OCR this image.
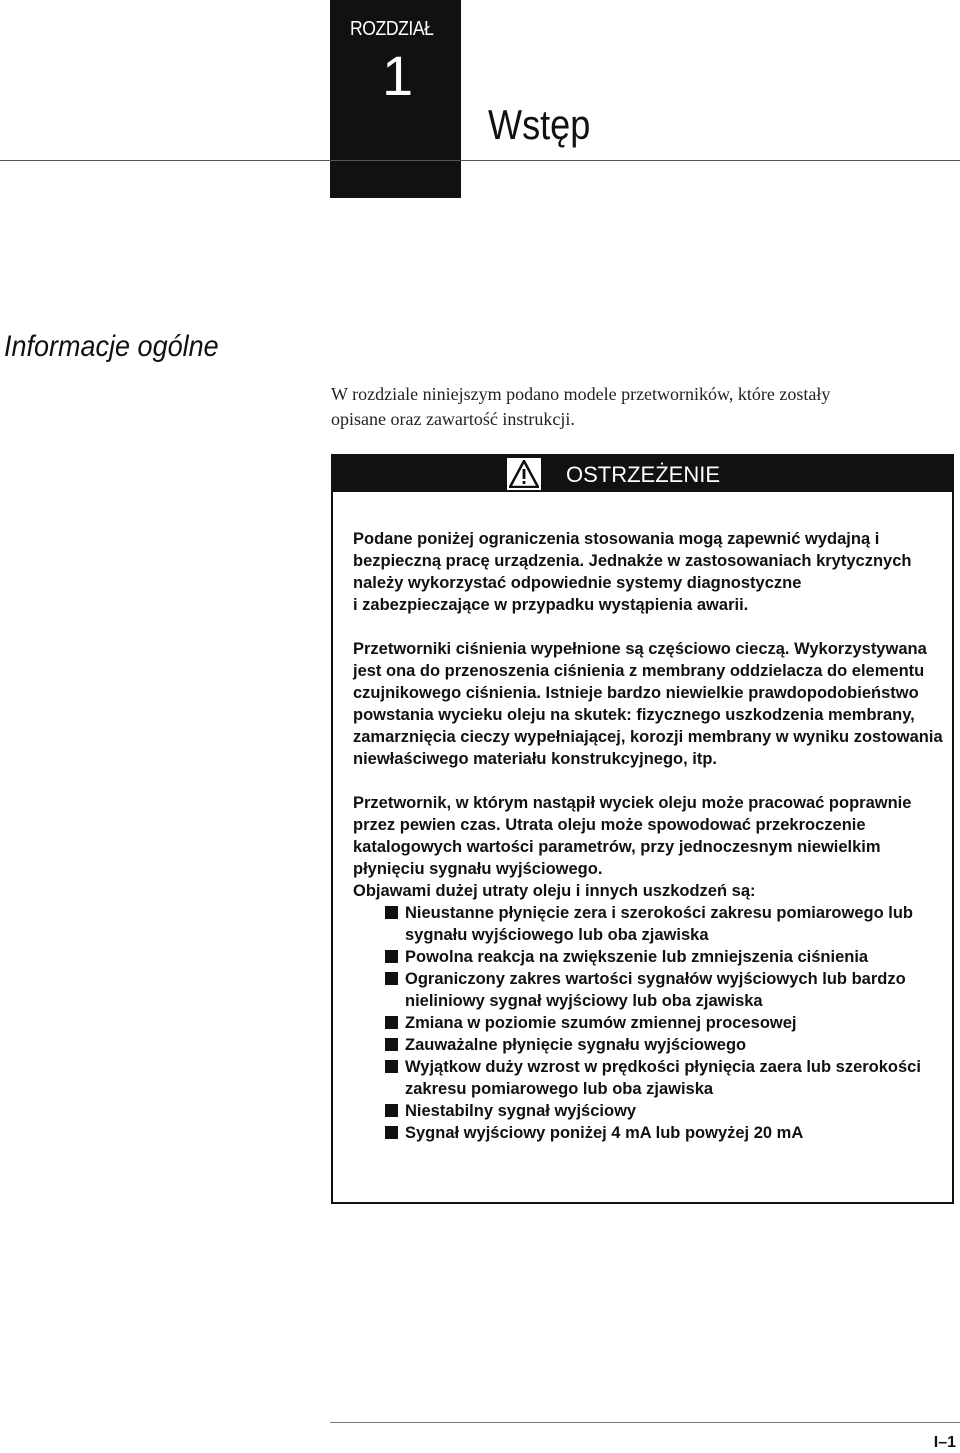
ROZDZIAŁ
1
Wstęp
Informacje ogólne

W rozdziale niniejszym podano modele przetworników, które zostały

opisane oraz zawartość instrukcji.

OSTRZEŻENIE

Podane poniżej ograniczenia stosowania mogą zapewnić wydajną i bezpieczną pracę urządzenia. Jednakże w zastosowaniach krytycznych należy wykorzystać odpowiednie systemy diagnostyczne

i zabezpieczające w przypadku wystąpienia awarii.

Przetworniki ciśnienia wypełnione są częściowo cieczą. Wykorzystywana jest ona do przenoszenia ciśnienia z membrany oddzielacza do elementu czujnikowego ciśnienia. Istnieje bardzo niewielkie prawdopodobieństwo powstania wycieku oleju na skutek: fizycznego uszkodzenia membrany, zamarznięcia cieczy wypełniającej, korozji membrany w wyniku zostowania niewłaściwego materiału konstrukcyjnego, itp.

Przetwornik, w którym nastąpił wyciek oleju może pracować poprawnie przez pewien czas. Utrata oleju może spowodować przekroczenie katalogowych wartości parametrów, przy jednoczesnym niewielkim płynięciu sygnału wyjściowego.

Objawami dużej utraty oleju i innych uszkodzeń są:

Nieustanne płynięcie zera i szerokości zakresu pomiarowego lub sygnału wyjściowego lub oba zjawiska
Powolna reakcja na zwiększenie lub zmniejszenia ciśnienia
Ograniczony zakres wartości sygnałów wyjściowych lub bardzo nieliniowy sygnał wyjściowy lub oba zjawiska
Zmiana w poziomie szumów zmiennej procesowej
Zauważalne płynięcie sygnału wyjściowego
Wyjątkow duży wzrost w prędkości płynięcia zaera lub szerokości zakresu pomiarowego lub oba zjawiska
Niestabilny sygnał wyjściowy
Sygnał wyjściowy poniżej 4 mA lub powyżej 20 mA
I–1
